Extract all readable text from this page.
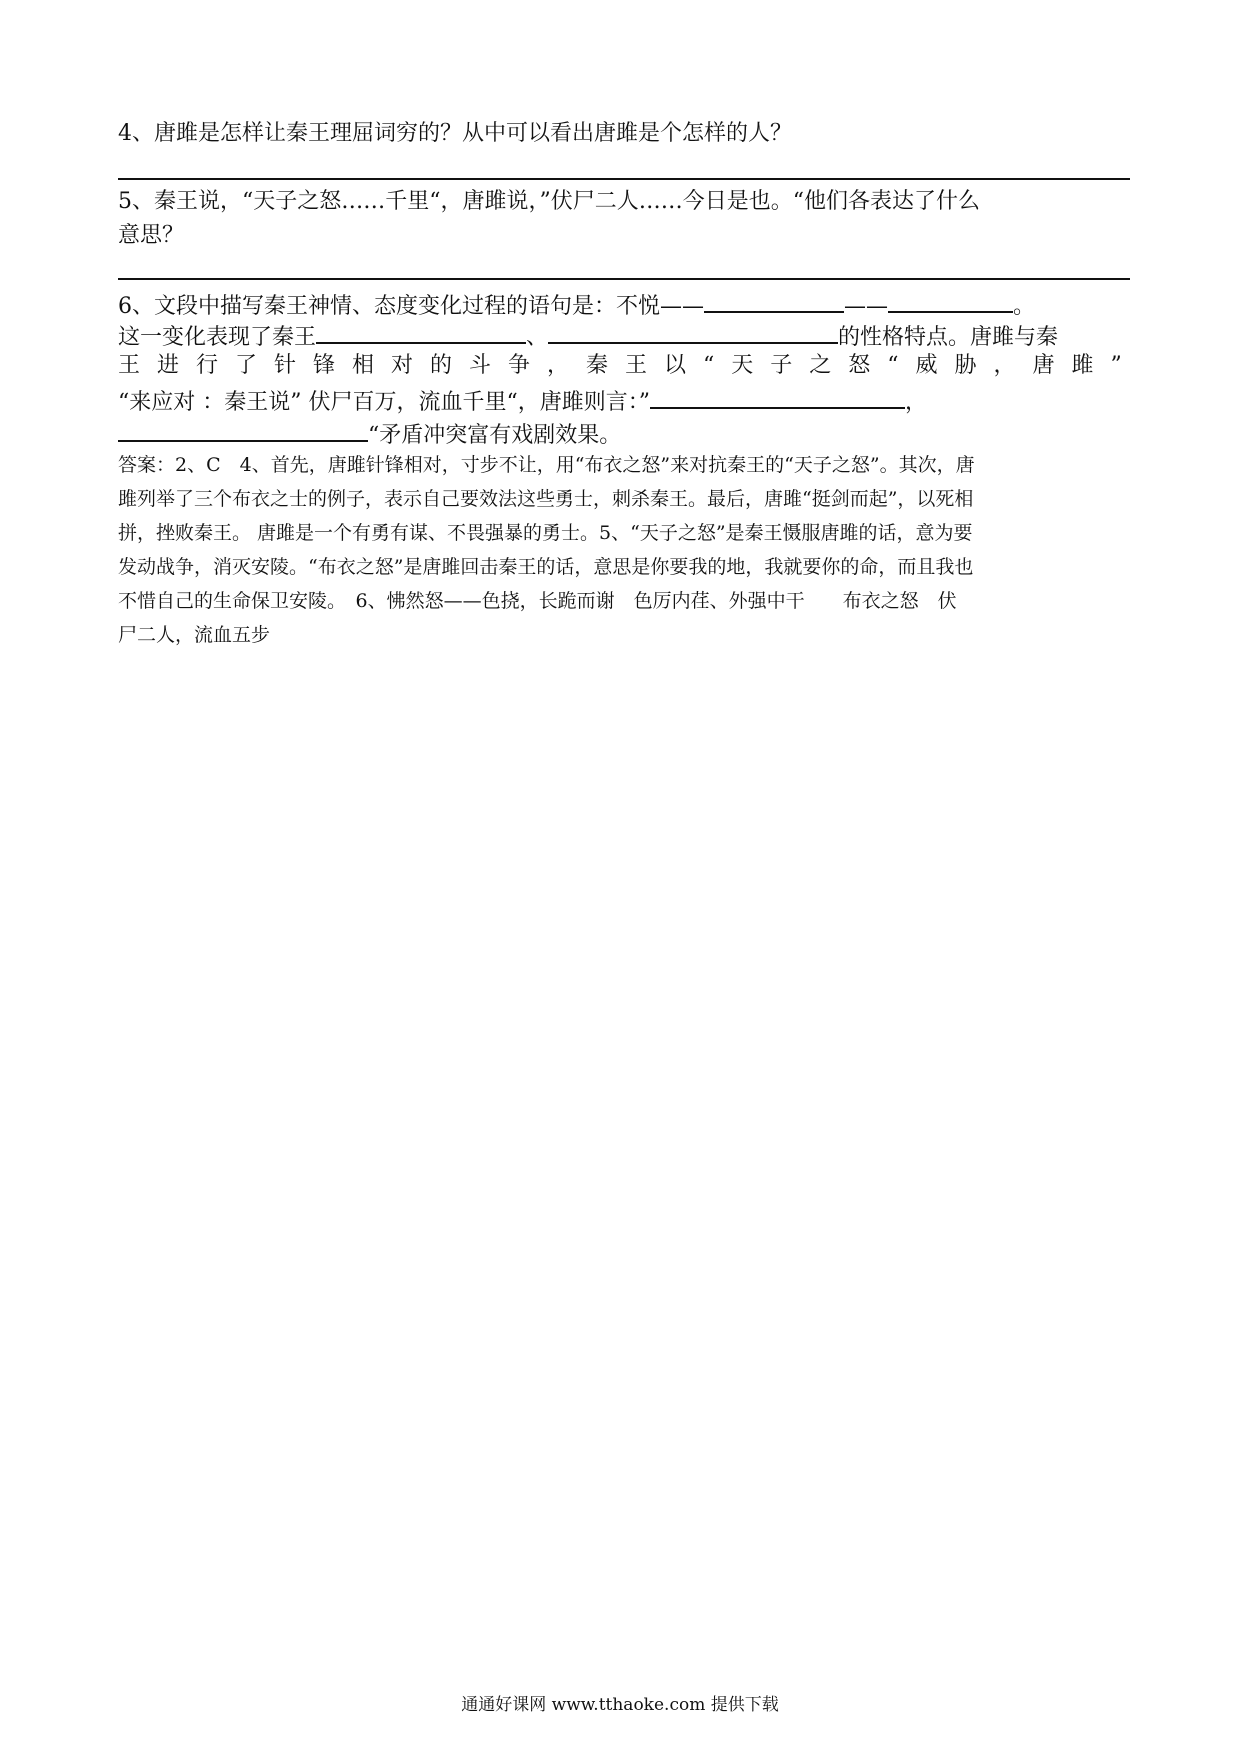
4、唐雎是怎样让秦王理屈词穷的？从中可以看出唐雎是个怎样的人？
5、秦王说，“天子之怒……千里“，唐雎说，”伏尸二人……今日是也。“他们各表达了什么
意思？
6、文段中描写秦王神情、态度变化过程的语句是：不悦——	——	。
这一变化表现了秦王	、	的性格特点。唐雎与秦
王进行了针锋相对的斗争，秦王以“天子之怒“威胁，唐雎”
“来应对 ：秦王说” 伏尸百万，流血千里“，唐雎则言：”	，
“矛盾冲突富有戏剧效果。
答案：2、C　4、首先，唐雎针锋相对，寸步不让，用“布衣之怒”来对抗秦王的“天子之怒”。其次，唐
雎列举了三个布衣之士的例子，表示自己要效法这些勇士，刺杀秦王。最后，唐雎“挺剑而起”，以死相
拼，挫败秦王。 唐雎是一个有勇有谋、不畏强暴的勇士。5、“天子之怒”是秦王慑服唐雎的话，意为要
发动战争，消灭安陵。“布衣之怒”是唐雎回击秦王的话，意思是你要我的地，我就要你的命，而且我也
不惜自己的生命保卫安陵。　6、怫然怒——色挠，长跪而谢　色厉内荏、外强中干　　布衣之怒　伏
尸二人，流血五步
通通好课网 www.tthaoke.com 提供下载
